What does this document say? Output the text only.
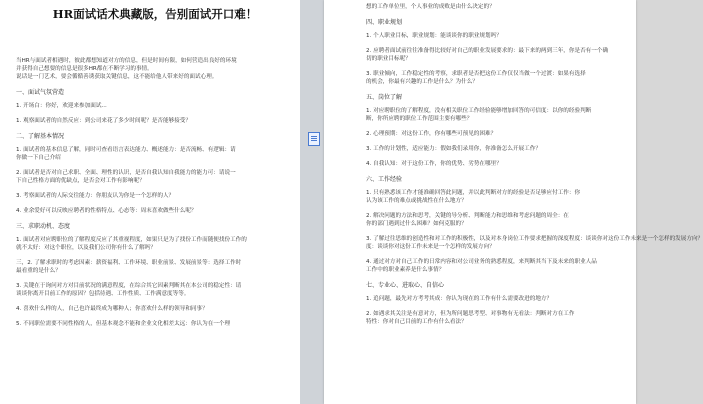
HR面试话术典藏版，告别面试开口难！
当HR与面试者相遇时，彼此都想知道对方的信息，但是时间有限，如何营造出良好的环境
并获得自己想要的信息是很多HR都在不断学习的事情。
说话是一门艺术，要会循循善诱获取关键信息，这不能给他人带来好的面试心理。
一、面试气氛营造
1. 开场白：你好，欢迎来参加面试...
1. 观察面试者的自然反应：到公司来花了多少时间呢？是否能够接受？
二、了解基本情况
1. 面试者的基本信息了解，同时可查看语言表达能力、概述能力：是否流畅、有逻辑：请
你做一下自己介绍
2. 面试者是否对自己求职、全面、理性的认识，是否自我认知自我能力的能力可：请说一
下自己性格方面的优缺点，是否会对工作有影响呢？
3. 考察面试者的人际交往能力：你朋友认为你是一个怎样的人？
4. 业余爱好可以反映应聘者的性格特点、心态等：周末喜欢做些什么呢？
三、求职动机、态度
1. 面试者对应聘职位的了解程度反应了其重视程度，如果只是为了找份工作而随便找份工作的
就不太好：对这个职位，以及我们公司你有什么了解吗？
三，2. 了解求职时的考虑因素：薪资福利、工作环境、职业前景、发展前景等：选择工作时
最看重的是什么？
3. 关键在于询问对方对目前状况的满意程度，在综合其它因素判断其在本公司的稳定性：请
谈谈你离开目前工作的原因？包括待遇、工作性质、工作满意度等等。
4. 喜欢什么样的人，自己也许最终成为哪种人；你喜欢什么样的领导和同事？
5. 不同职位需要不同性格的人，但基本观念不能和企业文化相差太远：你认为在一个理
想的工作单位里，个人事业的成败是由什么决定的？
四、职业规划
1. 个人职业目标，职业规划：能谈谈你的职业规划吗？
2. 应聘者面试前往往准备得比较好对自己的职业发展要求的：最下来的两到三年，你是否有一个确
切的职业目标呢？
3. 职业倾向，工作稳定性的考察，求职者是否把这份工作仅仅当做一个过渡：如果有选择
的机会，你最有兴趣的工作是什么？为什么？
五、岗位了解
1. 对应聘职位的了解程度，没有相关职位工作经验能够增加回答的可信度：以你的经验判断
断，你所应聘的职位工作范围主要有哪些？
2. 心理预期：对这份工作，你有哪些可预见的困难？
3. 工作的计划性，适应能力：假如我们录用你，你准备怎么开展工作？
4. 自我认知：对于这份工作，你的优势、劣势在哪里？
六、工作经验
1. 只有熟悉该工作才能准确回答此问题，并以此判断对方的经验是否足够应付工作：你
认为该工作的难点或挑战性在什么地方？
2. 解决问题的方法和思考，关键的导分析、判断能力和思维和考虑问题的周全：在
你的部门遇到过什么困难？如何克服的？
3. 了解过往思维的创造性和对工作的积极性，以及对本身岗位工作要求把握的深度程度：谈谈你对这份工作未来是一个怎样的发展方向？
度：谈谈你对这份工作未来是一个怎样的发展方向？
4. 通过对方对自己工作的日常内容和对公司业务的熟悉程度，来判断其当下及未来的职业人品
工作中的职业素养是什么事情？
七、专业心、进取心、自信心
1. 追问题，最先对方考考其成：你认为现在的工作有什么需要改进的地方？
2. 如遇求其关注是有意对方，但为所问题思考型、对事物有无看法：判断对方在工作
特性：你对自己目前的工作有什么看法？
